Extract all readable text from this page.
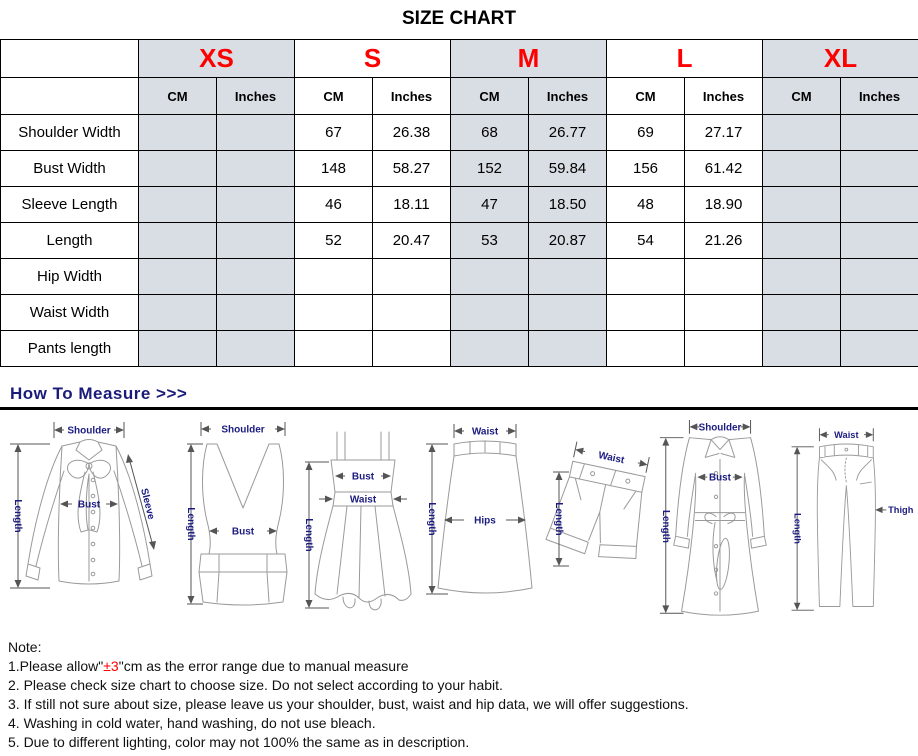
SIZE CHART
	XS		S		M		L		XL	
	CM	Inches	CM	Inches	CM	Inches	CM	Inches	CM	Inches
Shoulder Width			67	26.38	68	26.77	69	27.17		
Bust Width			148	58.27	152	59.84	156	61.42		
Sleeve Length			46	18.11	47	18.50	48	18.90		
Length			52	20.47	53	20.87	54	21.26		
Hip Width										
Waist Width										
Pants length										
How To Measure >>>
Shoulder
Length	Bust	Sleeve
Shoulder
Length	Bust	Length
Bust
Waist
Waist
Length	Hips
Waist
Length
Shoulder
Length
Bust
Waist
Length
Thigh
Note:
1.Please allow"±3"cm as the error range due to manual measure
2. Please check size chart to choose size. Do not select according to your habit.
3. If still not sure about size, please leave us your shoulder, bust, waist and hip data, we will offer suggestions.
4. Washing in cold water, hand washing, do not use bleach.
5. Due to different lighting, color may not 100% the same as in description.
